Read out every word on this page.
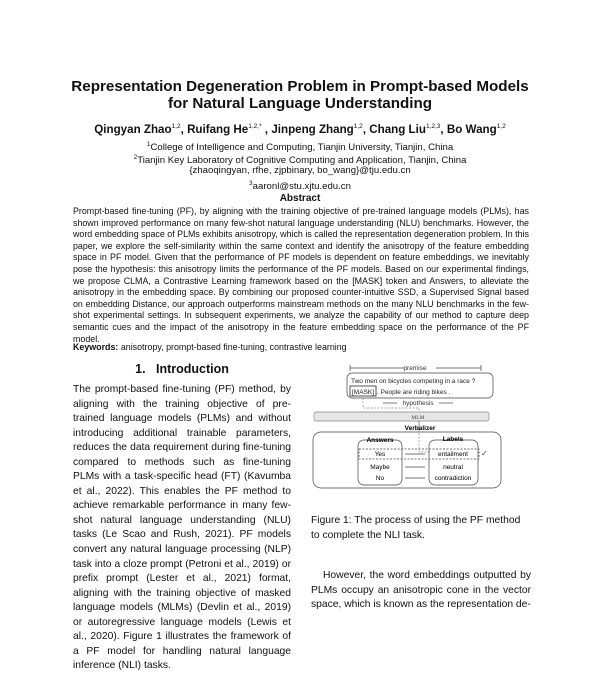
Representation Degeneration Problem in Prompt-based Models
for Natural Language Understanding
Qingyan Zhao$^{1,2}$, Ruifang $He^{1,2,*}$ , Jinpeng Zhang$^{1,2}$, Chang Liu$^{1,2,3}$, Bo Wang$^{1,2}$
$^1$College of Intelligence and Computing, Tianjin University, Tianjin, China
$^2$Tianjin Key Laboratory of Cognitive Computing and Application, Tianjin, China
{zhaoqingyan, rfhe, zjpbinary, bo_wang}@tju.edu.cn
$^3$aaronl@stu.xjtu.edu.cn
Abstract
Prompt-based fine-tuning (PF), by aligning with the training objective of pre-trained language models (PLMs), has shown improved performance on many few-shot natural language understanding (NLU) benchmarks. However, the word embedding space of PLMs exhibits anisotropy, which is called the representation degeneration problem. In this paper, we explore the self-similarity within the same context and identify the anisotropy of the feature embedding space in PF model. Given that the performance of PF models is dependent on feature embeddings, we inevitably pose the hypothesis: this anisotropy limits the performance of the PF models. Based on our experimental findings, we propose CLMA, a Contrastive Learning framework based on the [MASK] token and Answers, to alleviate the anisotropy in the embedding space. By combining our proposed counter-intuitive SSD, a Supervised Signal based on embedding Distance, our approach outperforms mainstream methods on the many NLU benchmarks in the few-shot experimental settings. In subsequent experiments, we analyze the capability of our method to capture deep semantic cues and the impact of the anisotropy in the feature embedding space on the performance of the PF model.
Keywords: anisotropy, prompt-based fine-tuning, contrastive learning
1.   Introduction
The prompt-based fine-tuning (PF) method, by aligning with the training objective of pre-trained language models (PLMs) and without introducing additional trainable parameters, reduces the data requirement during fine-tuning compared to methods such as fine-tuning PLMs with a task-specific head (FT) (Kavumba et al., 2022). This enables the PF method to achieve remarkable performance in many few-shot natural language understanding (NLU) tasks (Le Scao and Rush, 2021). PF models convert any natural language processing (NLP) task into a cloze prompt (Petroni et al., 2019) or prefix prompt (Lester et al., 2021) format, aligning with the training objective of masked language models (MLMs) (Devlin et al., 2019) or autoregressive language models (Lewis et al., 2020). Figure 1 illustrates the framework of a PF model for handling natural language inference (NLI) tasks.
premise
Two men on bicycles competing in a race ?
[MASK] . People are riding bikes .
hypothesis
MLM
Verbalizer
Answers	Labels
Yes
Maybe
No
entailment
neutral
contradiction
✓
Figure 1: The process of using the PF method to complete the NLI task.
However, the word embeddings outputted by PLMs occupy an anisotropic cone in the vector space, which is known as the representation de-
